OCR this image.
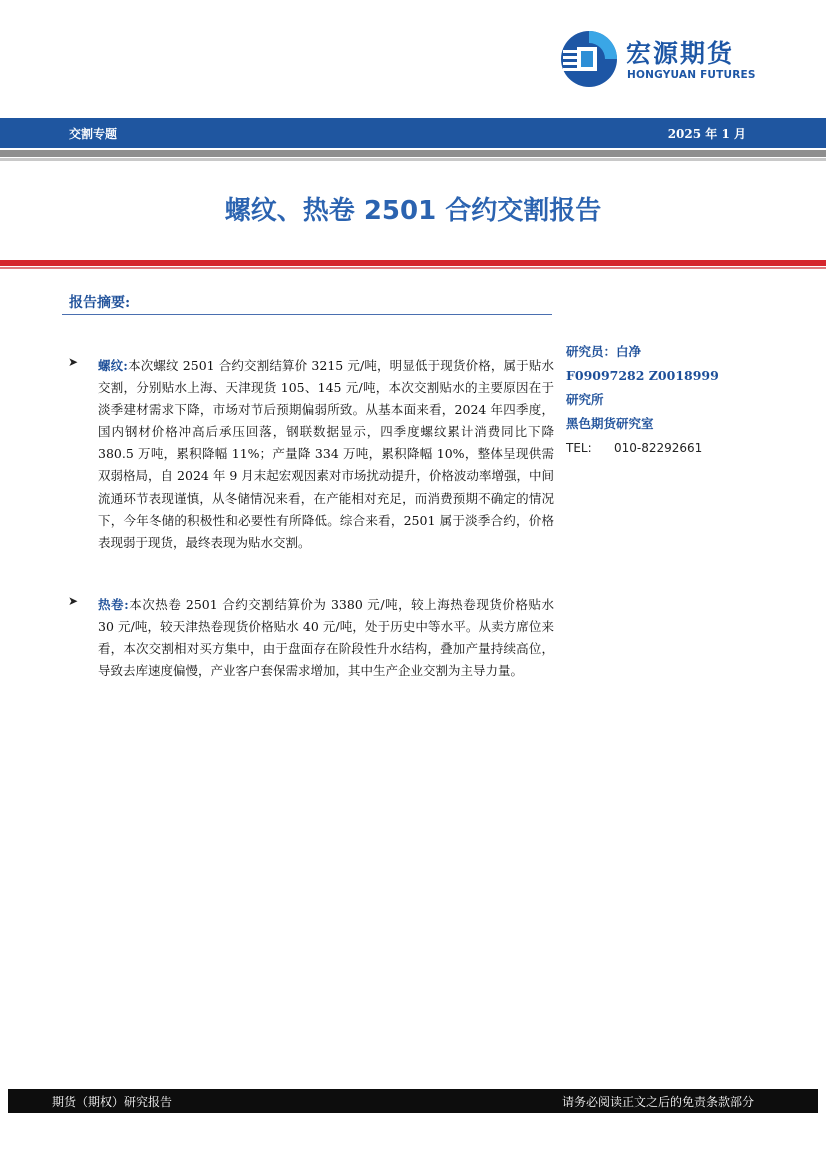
宏源期货
HONGYUAN FUTURES
交割专题	2025 年 1 月
螺纹、热卷 2501 合约交割报告
报告摘要:
➤ 螺纹:本次螺纹 2501 合约交割结算价 3215 元/吨，明显低于现货价格，属于贴水交割，分别贴水上海、天津现货 105、145 元/吨，本次交割贴水的主要原因在于淡季建材需求下降，市场对节后预期偏弱所致。从基本面来看，2024 年四季度，国内钢材价格冲高后承压回落，钢联数据显示，四季度螺纹累计消费同比下降 380.5 万吨，累积降幅 11%；产量降 334 万吨，累积降幅 10%，整体呈现供需双弱格局，自 2024 年 9 月末起宏观因素对市场扰动提升，价格波动率增强，中间流通环节表现谨慎，从冬储情况来看，在产能相对充足，而消费预期不确定的情况下，今年冬储的积极性和必要性有所降低。综合来看，2501 属于淡季合约，价格表现弱于现货，最终表现为贴水交割。
➤ 热卷:本次热卷 2501 合约交割结算价为 3380 元/吨，较上海热卷现货价格贴水 30 元/吨，较天津热卷现货价格贴水 40 元/吨，处于历史中等水平。从卖方席位来看，本次交割相对买方集中，由于盘面存在阶段性升水结构，叠加产量持续高位，导致去库速度偏慢，产业客户套保需求增加，其中生产企业交割为主导力量。
研究员：白净
F09097282 Z0018999
研究所
黑色期货研究室
TEL: 010-82292661
期货（期权）研究报告	请务必阅读正文之后的免责条款部分
